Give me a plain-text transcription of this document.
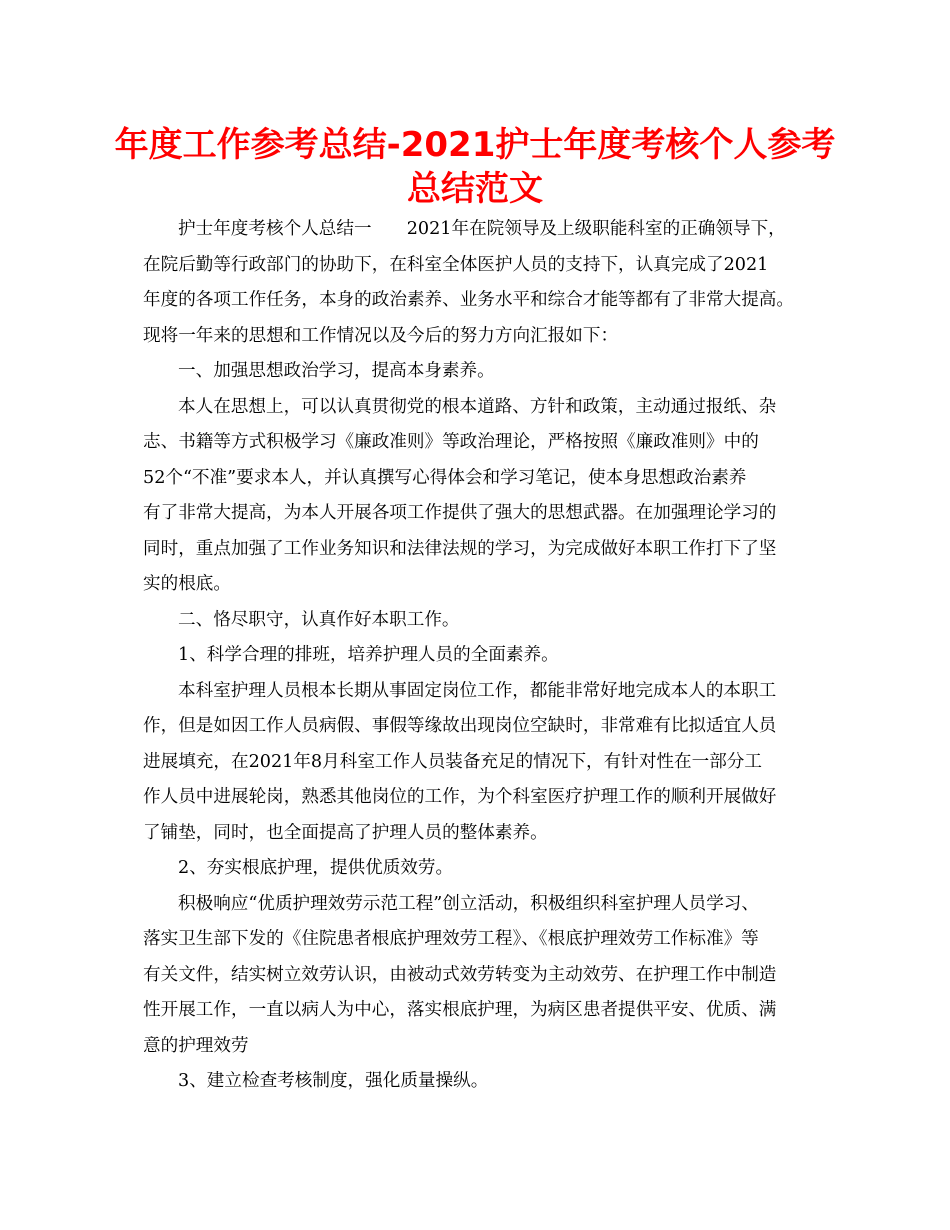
年度工作参考总结-2021护士年度考核个人参考
总结范文
护士年度考核个人总结一　　2021年在院领导及上级职能科室的正确领导下，
在院后勤等行政部门的协助下，在科室全体医护人员的支持下，认真完成了2021
年度的各项工作任务，本身的政治素养、业务水平和综合才能等都有了非常大提高。
现将一年来的思想和工作情况以及今后的努力方向汇报如下：
一、加强思想政治学习，提高本身素养。
本人在思想上，可以认真贯彻党的根本道路、方针和政策，主动通过报纸、杂
志、书籍等方式积极学习《廉政准则》等政治理论，严格按照《廉政准则》中的
52个“不准”要求本人，并认真撰写心得体会和学习笔记，使本身思想政治素养
有了非常大提高，为本人开展各项工作提供了强大的思想武器。在加强理论学习的
同时，重点加强了工作业务知识和法律法规的学习，为完成做好本职工作打下了坚
实的根底。
二、恪尽职守，认真作好本职工作。
1、科学合理的排班，培养护理人员的全面素养。
本科室护理人员根本长期从事固定岗位工作，都能非常好地完成本人的本职工
作，但是如因工作人员病假、事假等缘故出现岗位空缺时，非常难有比拟适宜人员
进展填充，在2021年8月科室工作人员装备充足的情况下，有针对性在一部分工
作人员中进展轮岗，熟悉其他岗位的工作，为个科室医疗护理工作的顺利开展做好
了铺垫，同时，也全面提高了护理人员的整体素养。
2、夯实根底护理，提供优质效劳。
积极响应“优质护理效劳示范工程”创立活动，积极组织科室护理人员学习、
落实卫生部下发的《住院患者根底护理效劳工程》、《根底护理效劳工作标准》等
有关文件，结实树立效劳认识，由被动式效劳转变为主动效劳、在护理工作中制造
性开展工作，一直以病人为中心，落实根底护理，为病区患者提供平安、优质、满
意的护理效劳
3、建立检查考核制度，强化质量操纵。
